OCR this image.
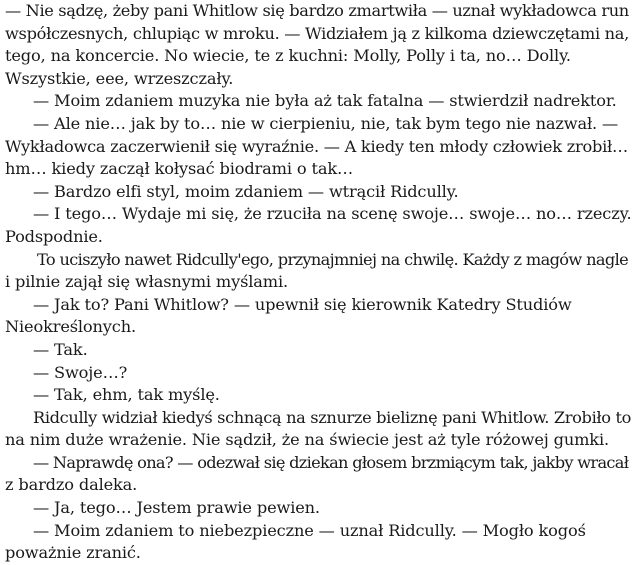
— Nie sądzę, żeby pani Whitlow się bardzo zmartwiła — uznał wykładowca run
współczesnych, chlupiąc w mroku. — Widziałem ją z kilkoma dziewczętami na,
tego, na koncercie. No wiecie, te z kuchni: Molly, Polly i ta, no… Dolly.
Wszystkie, eee, wrzeszczały.
— Moim zdaniem muzyka nie była aż tak fatalna — stwierdził nadrektor.
— Ale nie… jak by to… nie w cierpieniu, nie, tak bym tego nie nazwał. —
Wykładowca zaczerwienił się wyraźnie. — A kiedy ten młody człowiek zrobił…
hm… kiedy zaczął kołysać biodrami o tak…
— Bardzo elfi styl, moim zdaniem — wtrącił Ridcully.
— I tego… Wydaje mi się, że rzuciła na scenę swoje… swoje… no… rzeczy.
Podspodnie.
To uciszyło nawet Ridcully'ego, przynajmniej na chwilę. Każdy z magów nagle
i pilnie zajął się własnymi myślami.
— Jak to? Pani Whitlow? — upewnił się kierownik Katedry Studiów
Nieokreślonych.
— Tak.
— Swoje…?
— Tak, ehm, tak myślę.
Ridcully widział kiedyś schnącą na sznurze bieliznę pani Whitlow. Zrobiło to
na nim duże wrażenie. Nie sądził, że na świecie jest aż tyle różowej gumki.
— Naprawdę ona? — odezwał się dziekan głosem brzmiącym tak, jakby wracał
z bardzo daleka.
— Ja, tego… Jestem prawie pewien.
— Moim zdaniem to niebezpieczne — uznał Ridcully. — Mogło kogoś
poważnie zranić.
